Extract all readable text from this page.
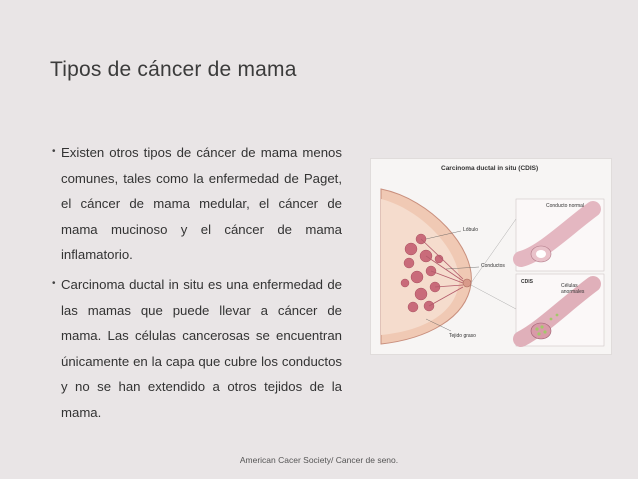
Tipos de cáncer de mama
• Existen otros tipos de cáncer de mama menos comunes, tales como la enfermedad de Paget, el cáncer de mama medular, el cáncer de mama mucinoso y el cáncer de mama inflamatorio.
• Carcinoma ductal in situ es una enfermedad de las mamas que puede llevar a cáncer de mama. Las células cancerosas se encuentran únicamente en la capa que cubre los conductos y no se han extendido a otros tejidos de la mama.
Carcinoma ductal in situ (CDIS)
Lóbulo
Conductos
Tejido graso
Conducto normal
CDIS
Células anormales
American Cacer Society/ Cancer de seno.
